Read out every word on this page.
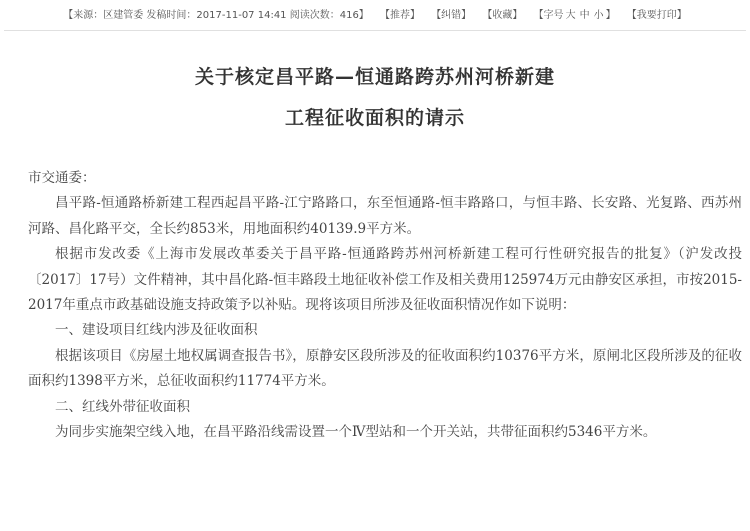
【来源：区建管委 发稿时间：2017-11-07 14:41 阅读次数：416】 【推荐】 【纠错】 【收藏】 【字号 大 中 小 】 【我要打印】
关于核定昌平路—恒通路跨苏州河桥新建
工程征收面积的请示

市交通委：

昌平路-恒通路桥新建工程西起昌平路-江宁路路口，东至恒通路-恒丰路路口，与恒丰路、长安路、光复路、西苏州河路、昌化路平交，全长约853米，用地面积约40139.9平方米。

根据市发改委《上海市发展改革委关于昌平路-恒通路跨苏州河桥新建工程可行性研究报告的批复》（沪发改投〔2017〕17号）文件精神，其中昌化路-恒丰路段土地征收补偿工作及相关费用125974万元由静安区承担，市按2015-2017年重点市政基础设施支持政策予以补贴。现将该项目所涉及征收面积情况作如下说明：

一、建设项目红线内涉及征收面积

根据该项目《房屋土地权属调查报告书》，原静安区段所涉及的征收面积约10376平方米，原闸北区段所涉及的征收面积约1398平方米，总征收面积约11774平方米。

二、红线外带征收面积

为同步实施架空线入地，在昌平路沿线需设置一个Ⅳ型站和一个开关站，共带征面积约5346平方米。
